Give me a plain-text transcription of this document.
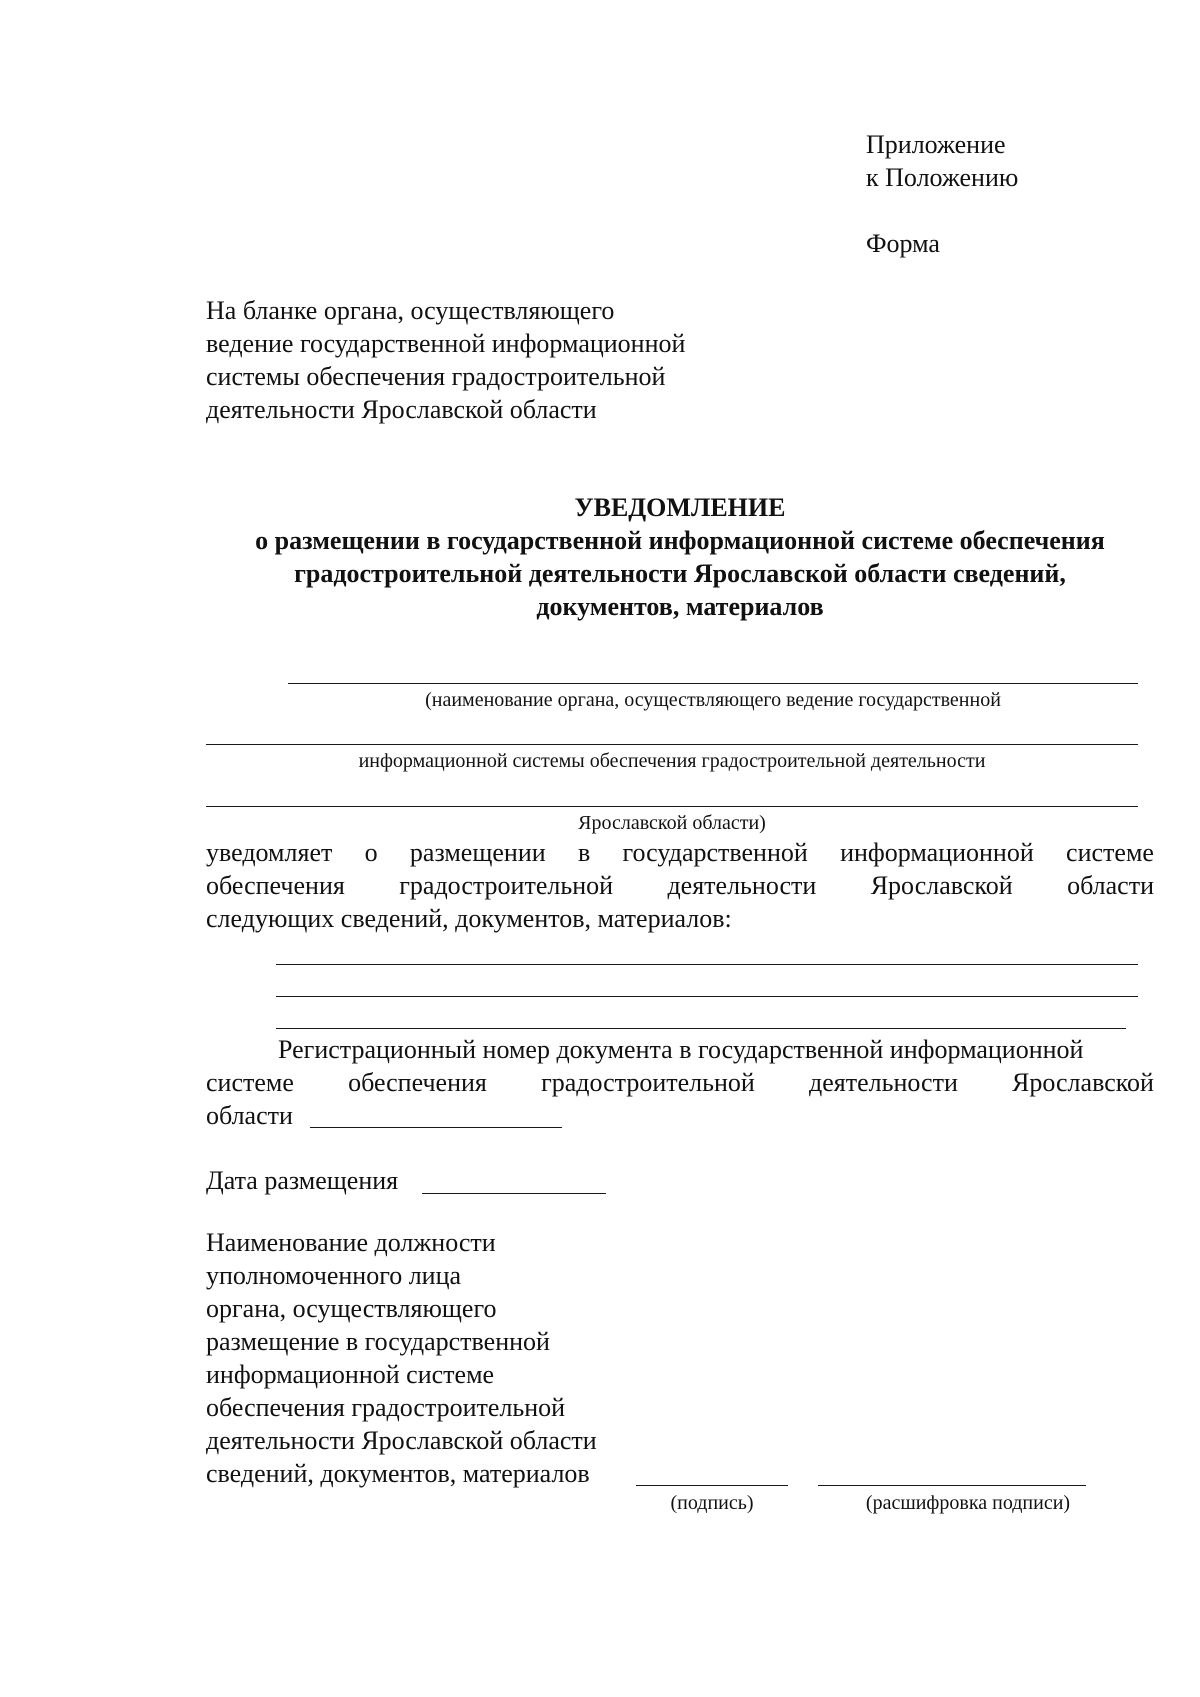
Приложение
к Положению
Форма
На бланке органа, осуществляющего
ведение государственной информационной
системы обеспечения градостроительной
деятельности Ярославской области
УВЕДОМЛЕНИЕ
о размещении в государственной информационной системе обеспечения
градостроительной деятельности Ярославской области сведений,
документов, материалов
(наименование органа, осуществляющего ведение государственной
информационной системы обеспечения градостроительной деятельности
Ярославской области)
уведомляет о размещении в государственной информационной системе
обеспечения градостроительной деятельности Ярославской области
следующих сведений, документов, материалов:
Регистрационный номер документа в государственной информационной
системе обеспечения градостроительной деятельности Ярославской
области
Дата размещения
Наименование должности
уполномоченного лица
органа, осуществляющего
размещение в государственной
информационной системе
обеспечения градостроительной
деятельности Ярославской области
сведений, документов, материалов
(подпись)	(расшифровка подписи)
